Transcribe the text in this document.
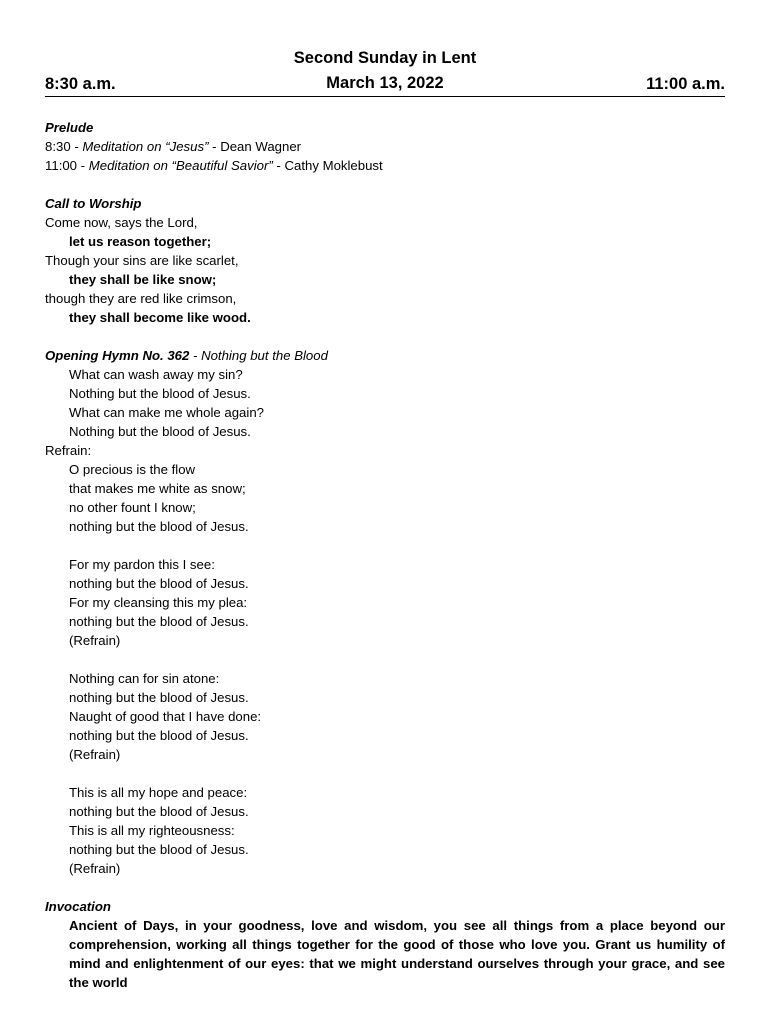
Second Sunday in Lent
March 13, 2022
8:30 a.m.	11:00 a.m.
Prelude
8:30 - Meditation on “Jesus” - Dean Wagner
11:00 - Meditation on “Beautiful Savior” - Cathy Moklebust
Call to Worship
Come now, says the Lord,
let us reason together;
Though your sins are like scarlet,
they shall be like snow;
though they are red like crimson,
they shall become like wood.
Opening Hymn No. 362 - Nothing but the Blood
What can wash away my sin?
Nothing but the blood of Jesus.
What can make me whole again?
Nothing but the blood of Jesus.
Refrain:
O precious is the flow
that makes me white as snow;
no other fount I know;
nothing but the blood of Jesus.
For my pardon this I see:
nothing but the blood of Jesus.
For my cleansing this my plea:
nothing but the blood of Jesus.
(Refrain)
Nothing can for sin atone:
nothing but the blood of Jesus.
Naught of good that I have done:
nothing but the blood of Jesus.
(Refrain)
This is all my hope and peace:
nothing but the blood of Jesus.
This is all my righteousness:
nothing but the blood of Jesus.
(Refrain)
Invocation
Ancient of Days, in your goodness, love and wisdom, you see all things from a place beyond our comprehension, working all things together for the good of those who love you. Grant us humility of mind and enlightenment of our eyes: that we might understand ourselves through your grace, and see the world
